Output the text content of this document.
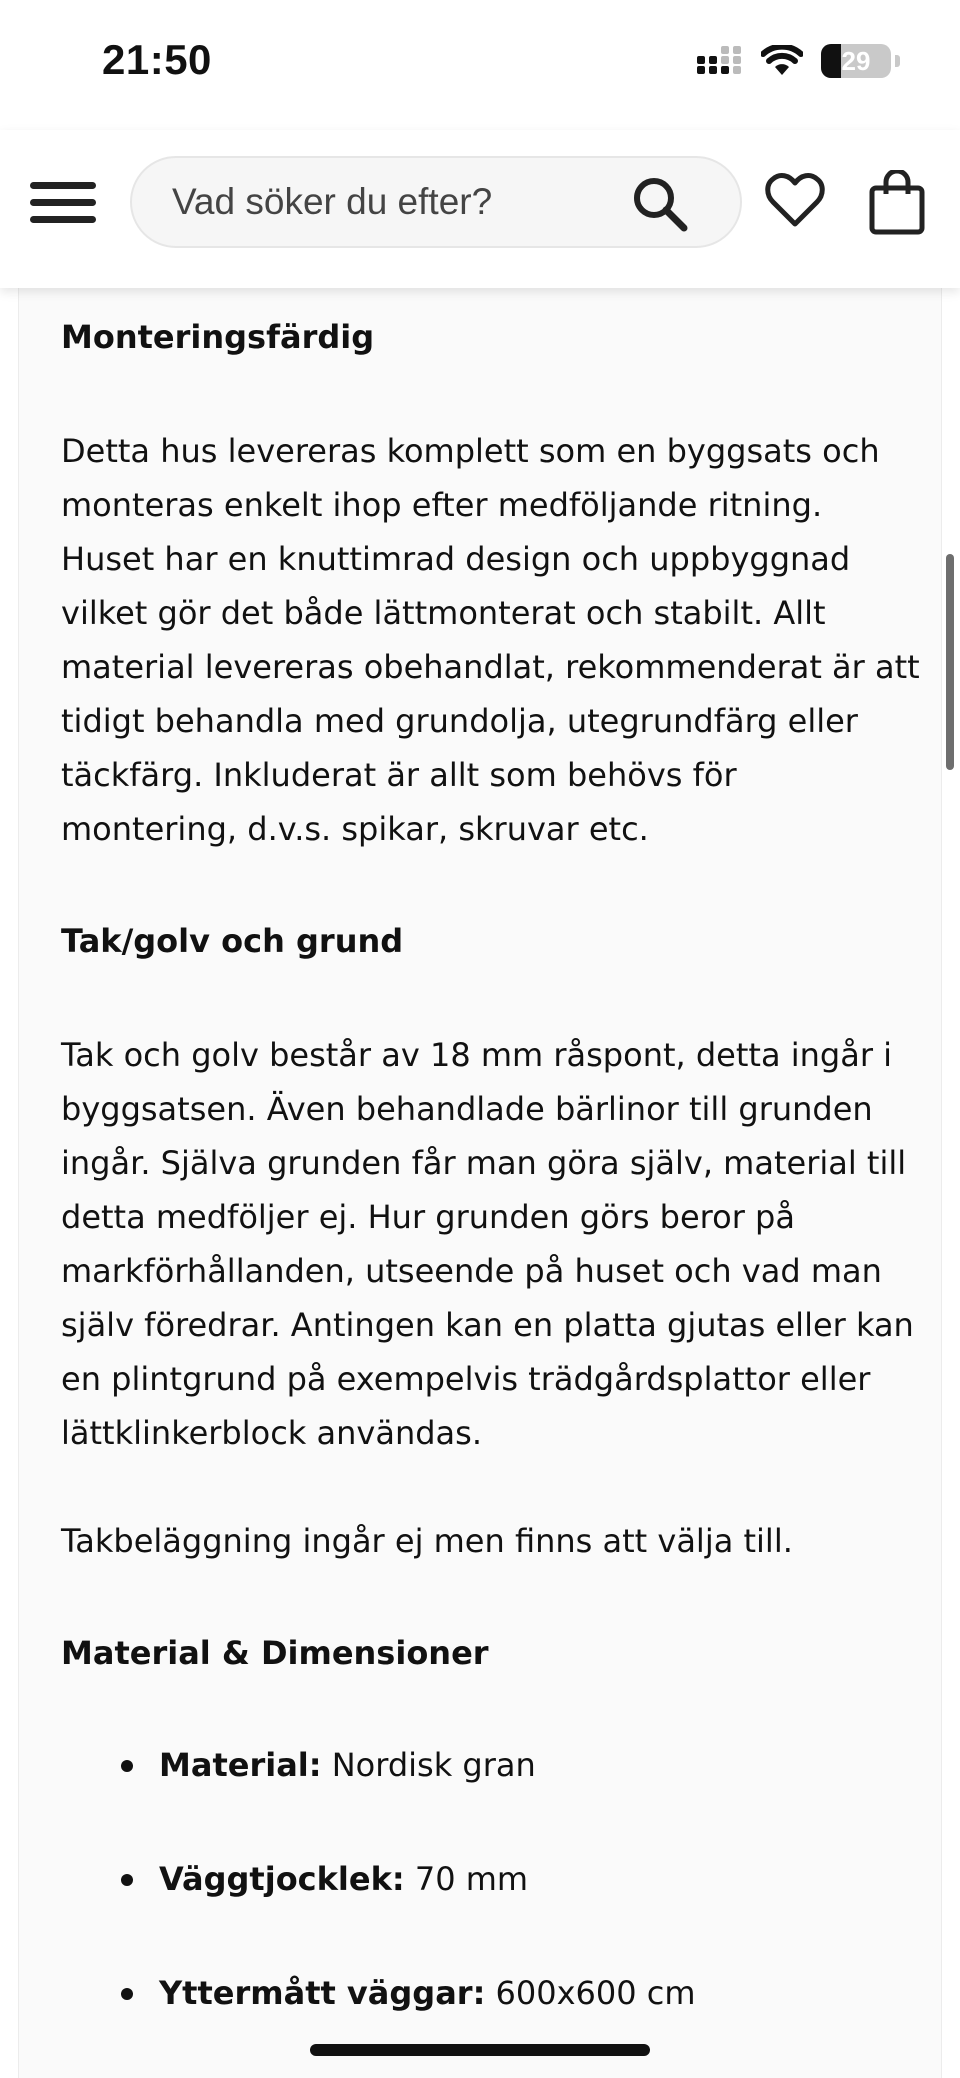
21:50	29
Vad söker du efter?
Monteringsfärdig

Detta hus levereras komplett som en byggsats och monteras enkelt ihop efter medföljande ritning. Huset har en knuttimrad design och uppbyggnad vilket gör det både lättmonterat och stabilt. Allt material levereras obehandlat, rekommenderat är att tidigt behandla med grundolja, utegrundfärg eller täckfärg. Inkluderat är allt som behövs för montering, d.v.s. spikar, skruvar etc.

Tak/golv och grund

Tak och golv består av 18 mm råspont, detta ingår i byggsatsen. Även behandlade bärlinor till grunden ingår. Själva grunden får man göra själv, material till detta medföljer ej. Hur grunden görs beror på markförhållanden, utseende på huset och vad man själv föredrar. Antingen kan en platta gjutas eller kan en plintgrund på exempelvis trädgårdsplattor eller lättklinkerblock användas.

Takbeläggning ingår ej men finns att välja till.

Material & Dimensioner
Material: Nordisk gran
Väggtjocklek: 70 mm
Yttermått väggar: 600x600 cm
